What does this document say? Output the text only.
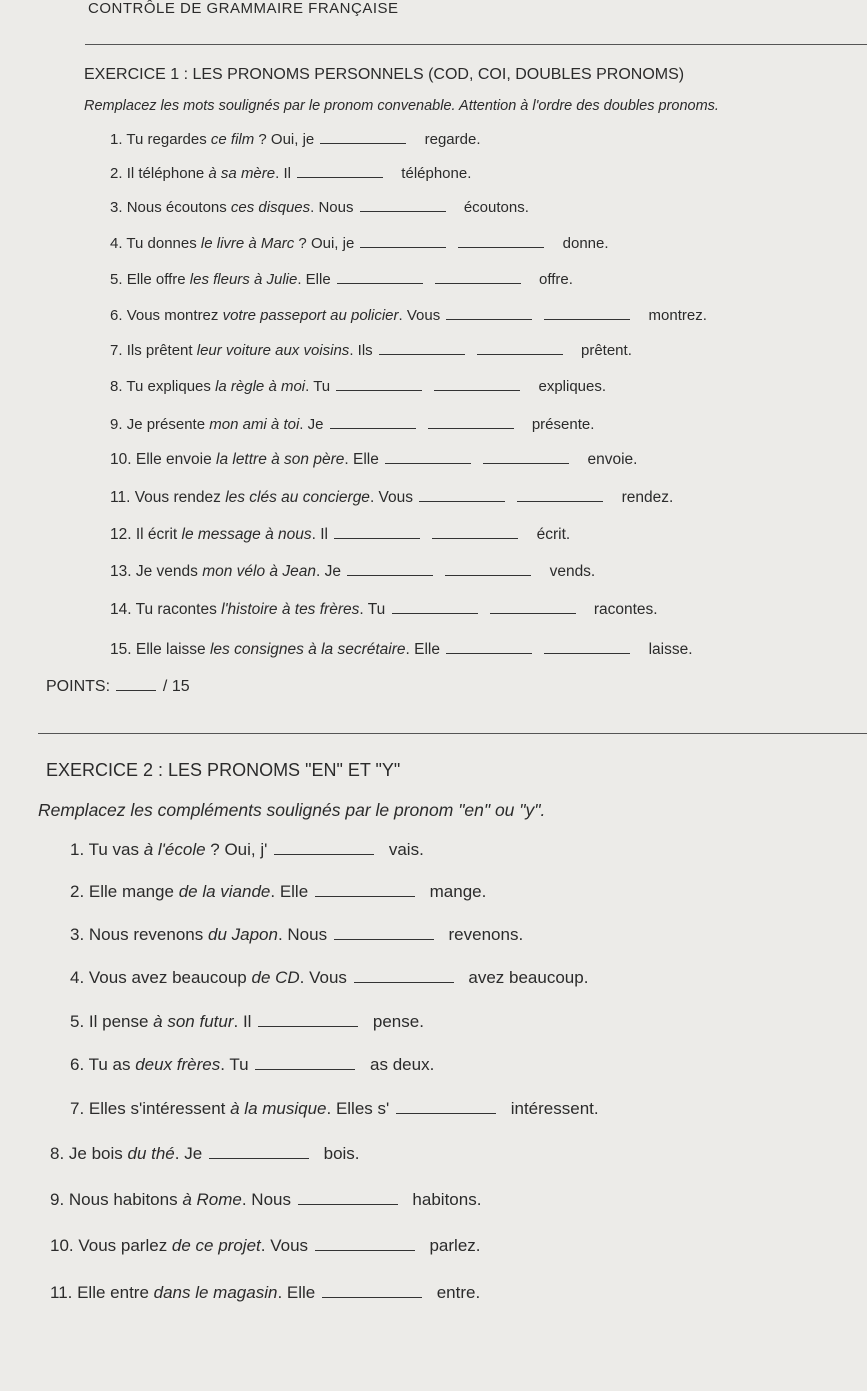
CONTRÔLE DE GRAMMAIRE FRANÇAISE
EXERCICE 1 : LES PRONOMS PERSONNELS (COD, COI, DOUBLES PRONOMS)
Remplacez les mots soulignés par le pronom convenable. Attention à l'ordre des doubles pronoms.
1. Tu regardes ce film ? Oui, je	regarde.
2. Il téléphone à sa mère. Il	téléphone.
3. Nous écoutons ces disques. Nous	écoutons.
4. Tu donnes le livre à Marc ? Oui, je	donne.
5. Elle offre les fleurs à Julie. Elle	offre.
6. Vous montrez votre passeport au policier. Vous	montrez.
7. Ils prêtent leur voiture aux voisins. Ils	prêtent.
8. Tu expliques la règle à moi. Tu	expliques.
9. Je présente mon ami à toi. Je	présente.
10. Elle envoie la lettre à son père. Elle	envoie.
11. Vous rendez les clés au concierge. Vous	rendez.
12. Il écrit le message à nous. Il	écrit.
13. Je vends mon vélo à Jean. Je	vends.
14. Tu racontes l'histoire à tes frères. Tu	racontes.
15. Elle laisse les consignes à la secrétaire. Elle	laisse.
POINTS:	/ 15
EXERCICE 2 : LES PRONOMS "EN" ET "Y"
Remplacez les compléments soulignés par le pronom "en" ou "y".
1. Tu vas à l'école ? Oui, j'	vais.
2. Elle mange de la viande. Elle	mange.
3. Nous revenons du Japon. Nous	revenons.
4. Vous avez beaucoup de CD. Vous	avez beaucoup.
5. Il pense à son futur. Il	pense.
6. Tu as deux frères. Tu	as deux.
7. Elles s'intéressent à la musique. Elles s'	intéressent.
8. Je bois du thé. Je	bois.
9. Nous habitons à Rome. Nous	habitons.
10. Vous parlez de ce projet. Vous	parlez.
11. Elle entre dans le magasin. Elle	entre.
